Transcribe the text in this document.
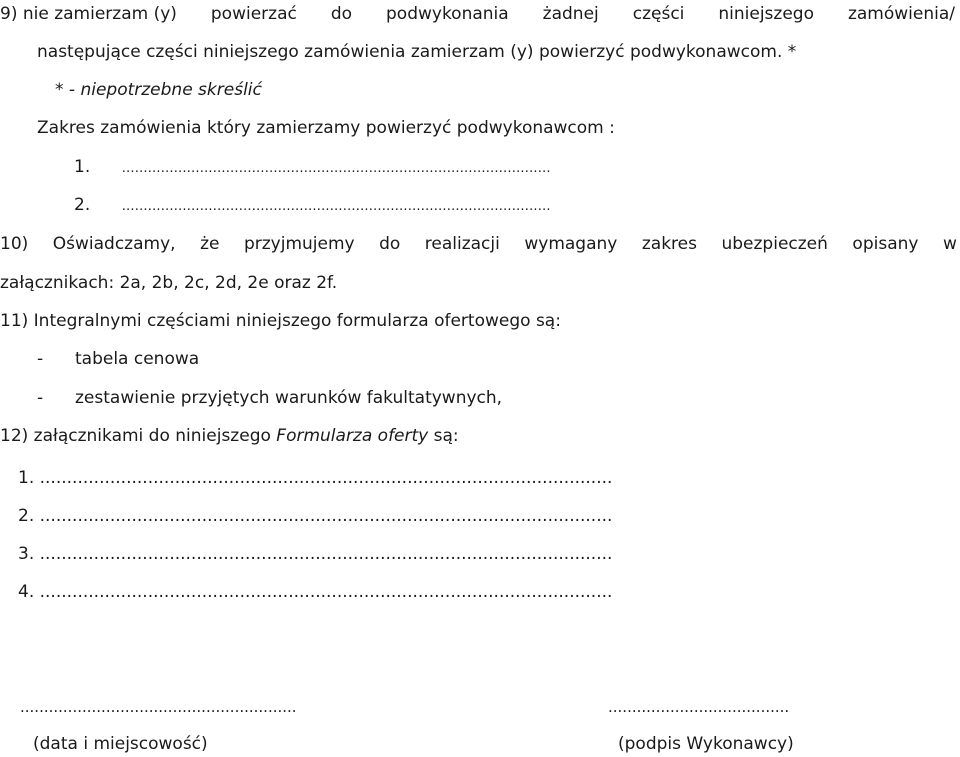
9) nie zamierzam (y) powierzać do podwykonania żadnej części niniejszego zamówienia/
następujące części niniejszego zamówienia zamierzam (y) powierzyć podwykonawcom. *
* - niepotrzebne skreślić
Zakres zamówienia który zamierzamy powierzyć podwykonawcom :
1. ………………………………………………………………………………………
2. ………………………………………………………………………………………
10) Oświadczamy, że przyjmujemy do realizacji wymagany zakres ubezpieczeń opisany w
załącznikach: 2a, 2b, 2c, 2d, 2e oraz 2f.
11) Integralnymi częściami niniejszego formularza ofertowego są:
- tabela cenowa
- zestawienie przyjętych warunków fakultatywnych,
12) załącznikami do niniejszego Formularza oferty są:
1. ..........................................................................................................
2. ..........................................................................................................
3. ..........................................................................................................
4. ..........................................................................................................
..........................................................
(data i miejscowość)
......................................
(podpis Wykonawcy)
